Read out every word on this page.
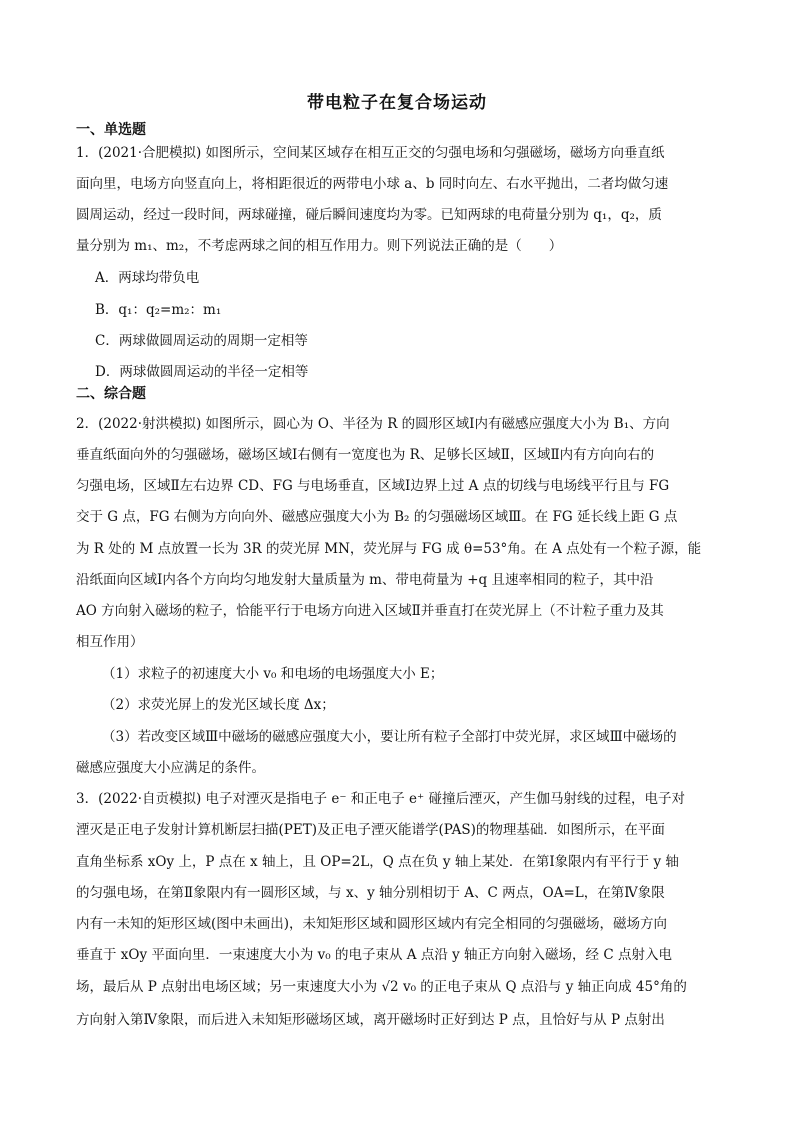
带电粒子在复合场运动
一、单选题
1．(2021·合肥模拟) 如图所示，空间某区域存在相互正交的匀强电场和匀强磁场，磁场方向垂直纸
面向里，电场方向竖直向上，将相距很近的两带电小球 a、b 同时向左、右水平抛出，二者均做匀速
圆周运动，经过一段时间，两球碰撞，碰后瞬间速度均为零。已知两球的电荷量分别为 q₁，q₂，质
量分别为 m₁、m₂，不考虑两球之间的相互作用力。则下列说法正确的是（　　）
A．两球均带负电
B．q₁：q₂=m₂：m₁
C．两球做圆周运动的周期一定相等
D．两球做圆周运动的半径一定相等
二、综合题
2．(2022·射洪模拟) 如图所示，圆心为 O、半径为 R 的圆形区域Ⅰ内有磁感应强度大小为 B₁、方向
垂直纸面向外的匀强磁场，磁场区域Ⅰ右侧有一宽度也为 R、足够长区域Ⅱ，区域Ⅱ内有方向向右的
匀强电场，区域Ⅱ左右边界 CD、FG 与电场垂直，区域Ⅰ边界上过 A 点的切线与电场线平行且与 FG
交于 G 点，FG 右侧为方向向外、磁感应强度大小为 B₂ 的匀强磁场区域Ⅲ。在 FG 延长线上距 G 点
为 R 处的 M 点放置一长为 3R 的荧光屏 MN，荧光屏与 FG 成 θ=53°角。在 A 点处有一个粒子源，能
沿纸面向区域Ⅰ内各个方向均匀地发射大量质量为 m、带电荷量为 +q 且速率相同的粒子，其中沿
AO 方向射入磁场的粒子，恰能平行于电场方向进入区域Ⅱ并垂直打在荧光屏上（不计粒子重力及其
相互作用）
（1）求粒子的初速度大小 v₀ 和电场的电场强度大小 E；
（2）求荧光屏上的发光区域长度 Δx；
（3）若改变区域Ⅲ中磁场的磁感应强度大小，要让所有粒子全部打中荧光屏，求区域Ⅲ中磁场的
磁感应强度大小应满足的条件。
3．(2022·自贡模拟) 电子对湮灭是指电子 e⁻ 和正电子 e⁺ 碰撞后湮灭，产生伽马射线的过程，电子对
湮灭是正电子发射计算机断层扫描(PET)及正电子湮灭能谱学(PAS)的物理基础．如图所示，在平面
直角坐标系 xOy 上，P 点在 x 轴上，且 OP=2L，Q 点在负 y 轴上某处．在第Ⅰ象限内有平行于 y 轴
的匀强电场，在第Ⅱ象限内有一圆形区域，与 x、y 轴分别相切于 A、C 两点，OA=L，在第Ⅳ象限
内有一未知的矩形区域(图中未画出)，未知矩形区域和圆形区域内有完全相同的匀强磁场，磁场方向
垂直于 xOy 平面向里．一束速度大小为 v₀ 的电子束从 A 点沿 y 轴正方向射入磁场，经 C 点射入电
场，最后从 P 点射出电场区域；另一束速度大小为 √2 v₀ 的正电子束从 Q 点沿与 y 轴正向成 45°角的
方向射入第Ⅳ象限，而后进入未知矩形磁场区域，离开磁场时正好到达 P 点，且恰好与从 P 点射出
